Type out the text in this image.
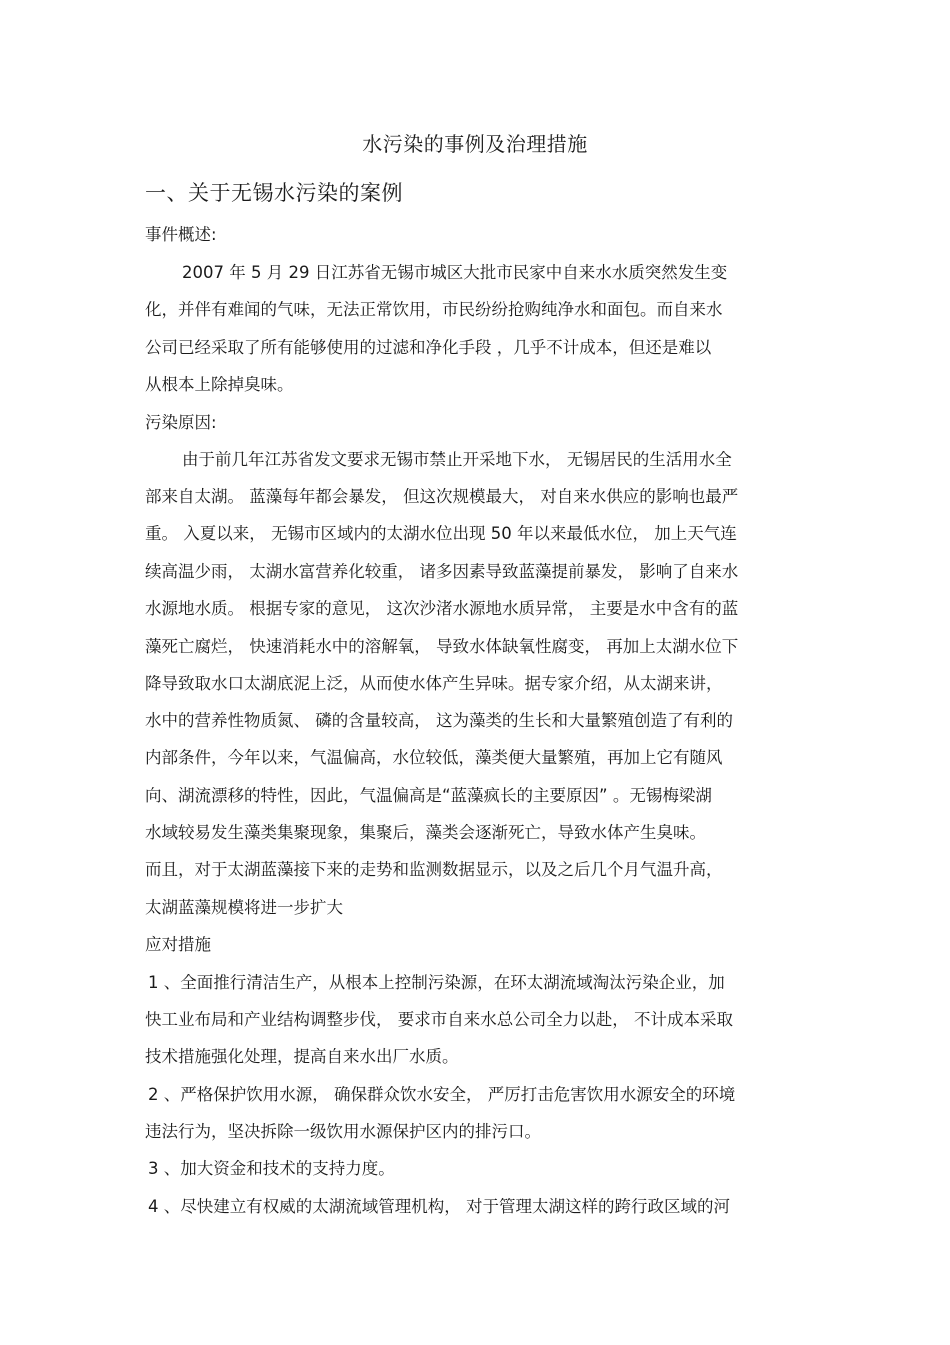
水污染的事例及治理措施
一、关于无锡水污染的案例
事件概述:
2007 年 5 月 29 日江苏省无锡市城区大批市民家中自来水水质突然发生变
化，并伴有难闻的气味，无法正常饮用，市民纷纷抢购纯净水和面包。而自来水
公司已经采取了所有能够使用的过滤和净化手段 ，几乎不计成本，但还是难以
从根本上除掉臭味。
污染原因:
由于前几年江苏省发文要求无锡市禁止开采地下水， 无锡居民的生活用水全
部来自太湖。 蓝藻每年都会暴发， 但这次规模最大， 对自来水供应的影响也最严
重。 入夏以来， 无锡市区域内的太湖水位出现 50 年以来最低水位， 加上天气连
续高温少雨， 太湖水富营养化较重， 诸多因素导致蓝藻提前暴发， 影响了自来水
水源地水质。 根据专家的意见， 这次沙渚水源地水质异常， 主要是水中含有的蓝
藻死亡腐烂， 快速消耗水中的溶解氧， 导致水体缺氧性腐变， 再加上太湖水位下
降导致取水口太湖底泥上泛，从而使水体产生异味。据专家介绍，从太湖来讲，
水中的营养性物质氮、 磷的含量较高， 这为藻类的生长和大量繁殖创造了有利的
内部条件，今年以来，气温偏高，水位较低，藻类便大量繁殖，再加上它有随风
向、湖流漂移的特性，因此，气温偏高是“蓝藻疯长的主要原因” 。无锡梅梁湖
水域较易发生藻类集聚现象，集聚后，藻类会逐渐死亡，导致水体产生臭味。
而且，对于太湖蓝藻接下来的走势和监测数据显示，以及之后几个月气温升高，
太湖蓝藻规模将进一步扩大
应对措施
1 、全面推行清洁生产，从根本上控制污染源，在环太湖流域淘汰污染企业，加
快工业布局和产业结构调整步伐， 要求市自来水总公司全力以赴， 不计成本采取
技术措施强化处理，提高自来水出厂水质。
2 、严格保护饮用水源， 确保群众饮水安全， 严厉打击危害饮用水源安全的环境
违法行为，坚决拆除一级饮用水源保护区内的排污口。
3 、加大资金和技术的支持力度。
4 、尽快建立有权威的太湖流域管理机构， 对于管理太湖这样的跨行政区域的河
